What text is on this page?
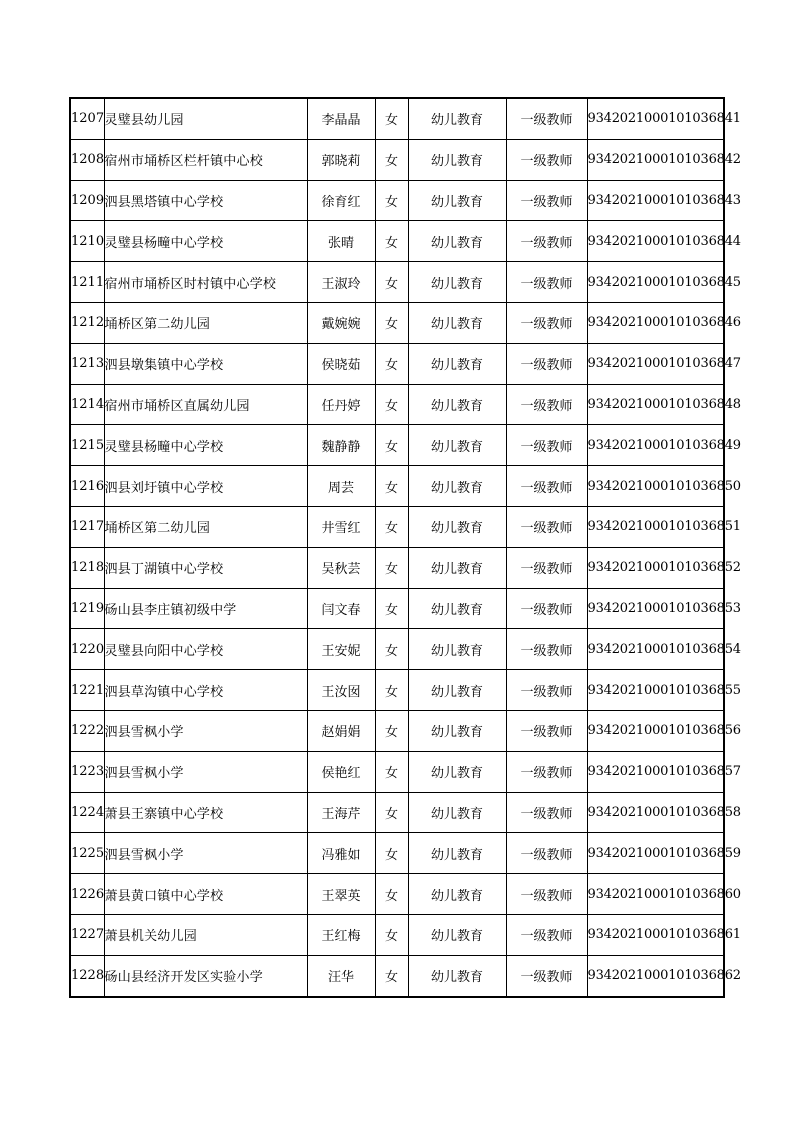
1207	灵璧县幼儿园	李晶晶	女	幼儿教育	一级教师	9342021000101036841
1208	宿州市埇桥区栏杆镇中心校	郭晓莉	女	幼儿教育	一级教师	9342021000101036842
1209	泗县黑塔镇中心学校	徐育红	女	幼儿教育	一级教师	9342021000101036843
1210	灵璧县杨疃中心学校	张晴	女	幼儿教育	一级教师	9342021000101036844
1211	宿州市埇桥区时村镇中心学校	王淑玲	女	幼儿教育	一级教师	9342021000101036845
1212	埇桥区第二幼儿园	戴婉婉	女	幼儿教育	一级教师	9342021000101036846
1213	泗县墩集镇中心学校	侯晓茹	女	幼儿教育	一级教师	9342021000101036847
1214	宿州市埇桥区直属幼儿园	任丹婷	女	幼儿教育	一级教师	9342021000101036848
1215	灵璧县杨疃中心学校	魏静静	女	幼儿教育	一级教师	9342021000101036849
1216	泗县刘圩镇中心学校	周芸	女	幼儿教育	一级教师	9342021000101036850
1217	埇桥区第二幼儿园	井雪红	女	幼儿教育	一级教师	9342021000101036851
1218	泗县丁湖镇中心学校	吴秋芸	女	幼儿教育	一级教师	9342021000101036852
1219	砀山县李庄镇初级中学	闫文春	女	幼儿教育	一级教师	9342021000101036853
1220	灵璧县向阳中心学校	王安妮	女	幼儿教育	一级教师	9342021000101036854
1221	泗县草沟镇中心学校	王汝囡	女	幼儿教育	一级教师	9342021000101036855
1222	泗县雪枫小学	赵娟娟	女	幼儿教育	一级教师	9342021000101036856
1223	泗县雪枫小学	侯艳红	女	幼儿教育	一级教师	9342021000101036857
1224	萧县王寨镇中心学校	王海芹	女	幼儿教育	一级教师	9342021000101036858
1225	泗县雪枫小学	冯雅如	女	幼儿教育	一级教师	9342021000101036859
1226	萧县黄口镇中心学校	王翠英	女	幼儿教育	一级教师	9342021000101036860
1227	萧县机关幼儿园	王红梅	女	幼儿教育	一级教师	9342021000101036861
1228	砀山县经济开发区实验小学	汪华	女	幼儿教育	一级教师	9342021000101036862
